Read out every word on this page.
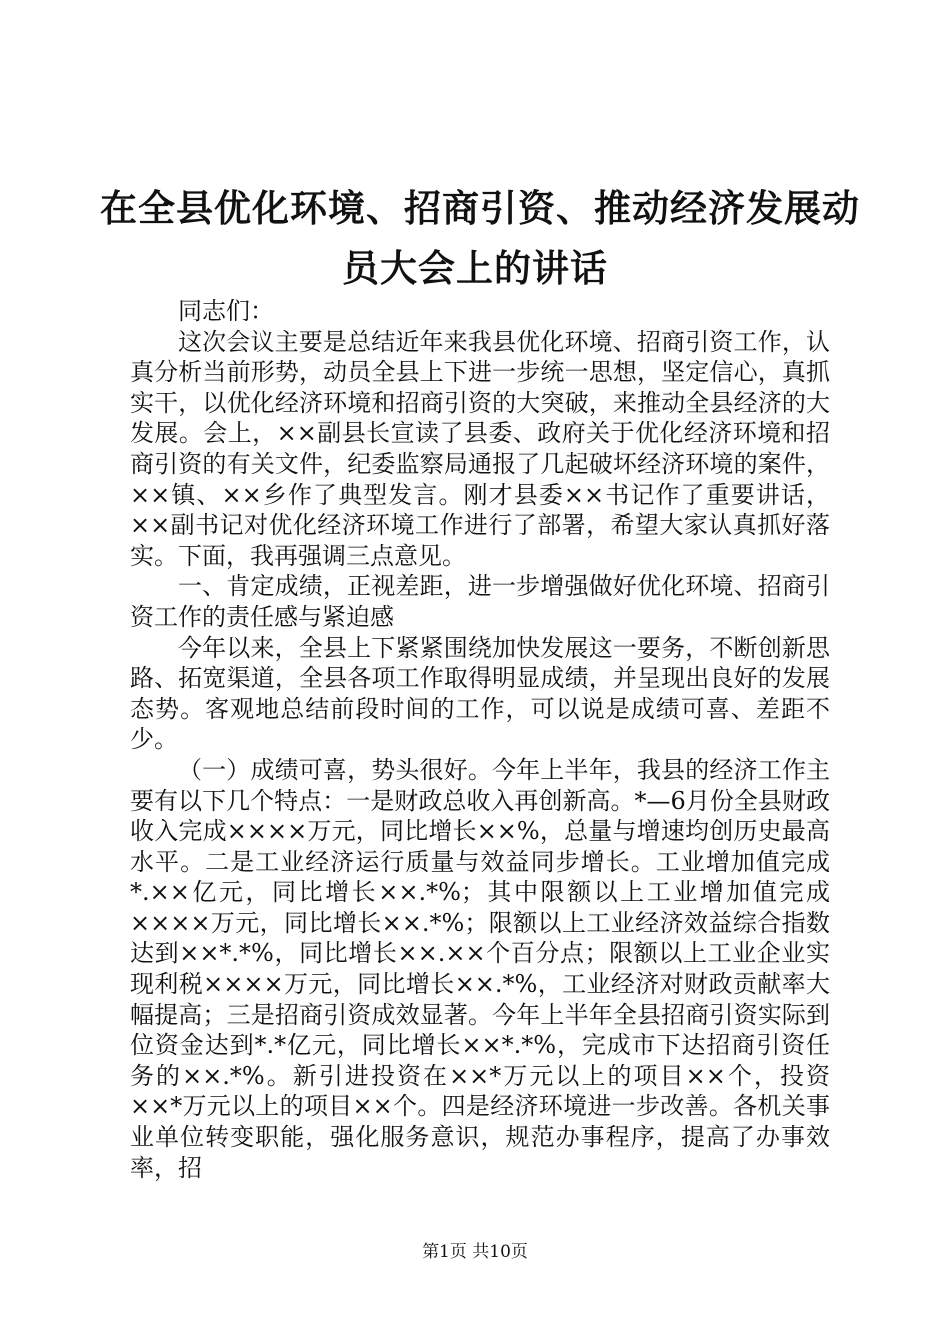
在全县优化环境、招商引资、推动经济发展动
员大会上的讲话

同志们：

这次会议主要是总结近年来我县优化环境、招商引资工作，认真分析当前形势，动员全县上下进一步统一思想，坚定信心，真抓实干，以优化经济环境和招商引资的大突破，来推动全县经济的大发展。会上，××副县长宣读了县委、政府关于优化经济环境和招商引资的有关文件，纪委监察局通报了几起破坏经济环境的案件，××镇、××乡作了典型发言。刚才县委××书记作了重要讲话，××副书记对优化经济环境工作进行了部署，希望大家认真抓好落实。下面，我再强调三点意见。

一、肯定成绩，正视差距，进一步增强做好优化环境、招商引资工作的责任感与紧迫感

今年以来，全县上下紧紧围绕加快发展这一要务，不断创新思路、拓宽渠道，全县各项工作取得明显成绩，并呈现出良好的发展态势。客观地总结前段时间的工作，可以说是成绩可喜、差距不少。

（一）成绩可喜，势头很好。今年上半年，我县的经济工作主要有以下几个特点：一是财政总收入再创新高。*—6月份全县财政收入完成××××万元，同比增长××%，总量与增速均创历史最高水平。二是工业经济运行质量与效益同步增长。工业增加值完成*.××亿元，同比增长××.*%；其中限额以上工业增加值完成××××万元，同比增长××.*%；限额以上工业经济效益综合指数达到××*.*%，同比增长××.××个百分点；限额以上工业企业实现利税××××万元，同比增长××.*%，工业经济对财政贡献率大幅提高；三是招商引资成效显著。今年上半年全县招商引资实际到位资金达到*.*亿元，同比增长××*.*%，完成市下达招商引资任务的××.*%。新引进投资在××*万元以上的项目××个，投资××*万元以上的项目××个。四是经济环境进一步改善。各机关事业单位转变职能，强化服务意识，规范办事程序，提高了办事效率，招

第1页 共10页
